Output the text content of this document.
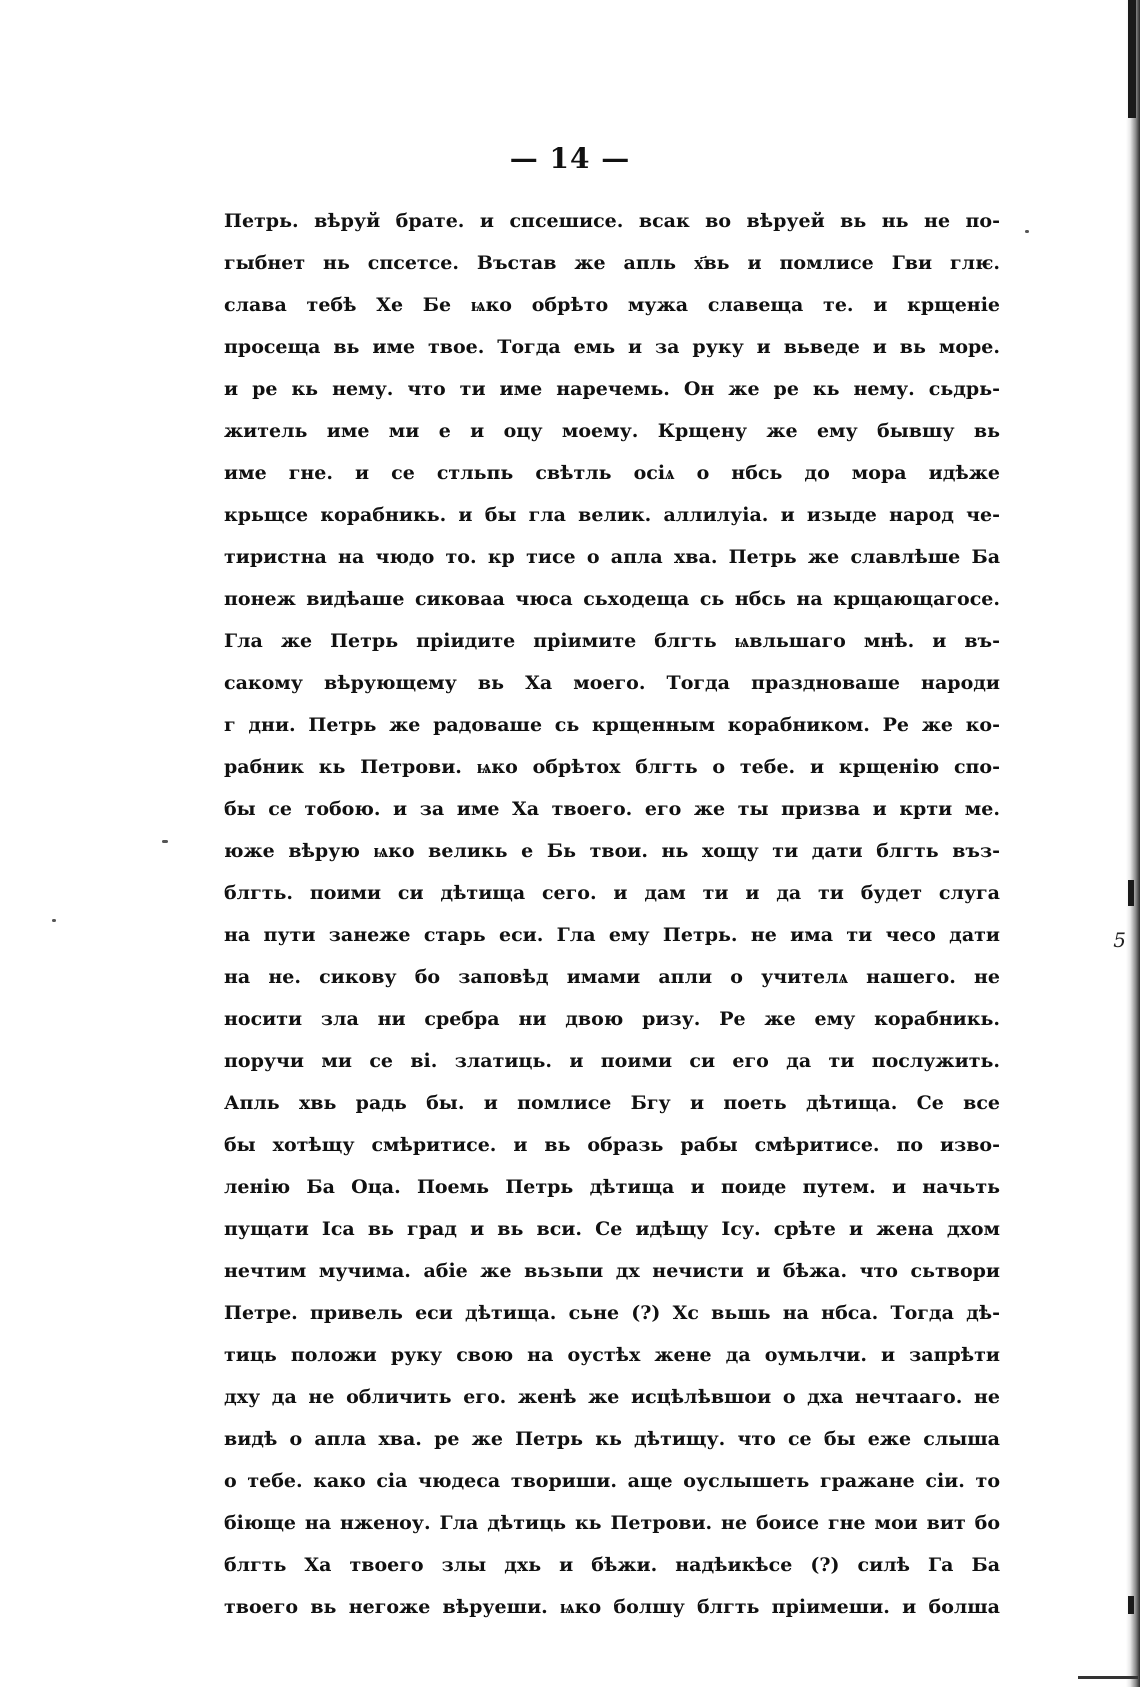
5
— 14 —
Петрь. вѣруй брате. и спсешисе. всак во вѣруей вь нь не по-
гыбнет нь спсетсе. Въстав же апль х҃вь и помлисе Гви глѥ.
слава тебѣ Хе Бе ѩко обрѣто мужа славеща те. и крщеніе
просеща вь име твое. Тогда емь и за руку и вьведе и вь море.
и ре кь нему. что ти име наречемь. Он же ре кь нему. сьдрь-
житель име ми е и оцу моему. Крщену же ему бывшу вь
име гне. и се стльпь свѣтль осіѧ о нбсь до мора идѣже
крьщсе корабникь. и бы гла велик. аллилуіа. и изыде народ че-
тиристна на чюдо то. кр тисе о апла хва. Петрь же славлѣше Ба
понеж видѣаше сиковаа чюса сьходеща сь нбсь на крщающагосе.
Гла же Петрь пріидите пріимите блгть ѩвльшаго мнѣ. и въ-
сакому вѣрующему вь Ха моего. Тогда праздноваше народи
г дни. Петрь же радоваше сь крщенным корабником. Ре же ко-
рабник кь Петрови. ѩко обрѣтох блгть о тебе. и крщенію спо-
бы се тобою. и за име Ха твоего. его же ты призва и крти ме.
юже вѣрую ѩко великь е Бь твои. нь хощу ти дати блгть въз-
блгть. поими си дѣтища сего. и дам ти и да ти будет слуга
на пути занеже старь еси. Гла ему Петрь. не има ти чесо дати
на не. сикову бо заповѣд имами апли о учителѧ нашего. не
носити зла ни сребра ни двою ризу. Ре же ему корабникь.
поручи ми се ві. златиць. и поими си его да ти послужить.
Апль хвь радь бы. и помлисе Бгу и поеть дѣтища. Се все
бы хотѣщу смѣритисе. и вь образь рабы смѣритисе. по изво-
ленію Ба Оца. Поемь Петрь дѣтища и поиде путем. и начьть
пущати Іса вь град и вь вси. Се идѣщу Ісу. срѣте и жена дхом
нечтим мучима. абіе же вьзьпи дх нечисти и бѣжа. что сьтвори
Петре. привель еси дѣтища. сьне (?) Хс вьшь на нбса. Тогда дѣ-
тиць положи руку свою на оустѣх жене да оумьлчи. и запрѣти
дху да не обличить его. женѣ же исцѣлѣвшои о дха нечтааго. не
видѣ о апла хва. ре же Петрь кь дѣтищу. что се бы еже слыша
о тебе. како сіа чюдеса твориши. аще оуслышеть гражане сіи. то
біюще на нженоу. Гла дѣтиць кь Петрови. не боисе гне мои вит бо
блгть Ха твоего злы дхь и бѣжи. надѣикѣсе (?) силѣ Га Ба
твоего вь негоже вѣруеши. ѩко болшу блгть пріимеши. и болша
